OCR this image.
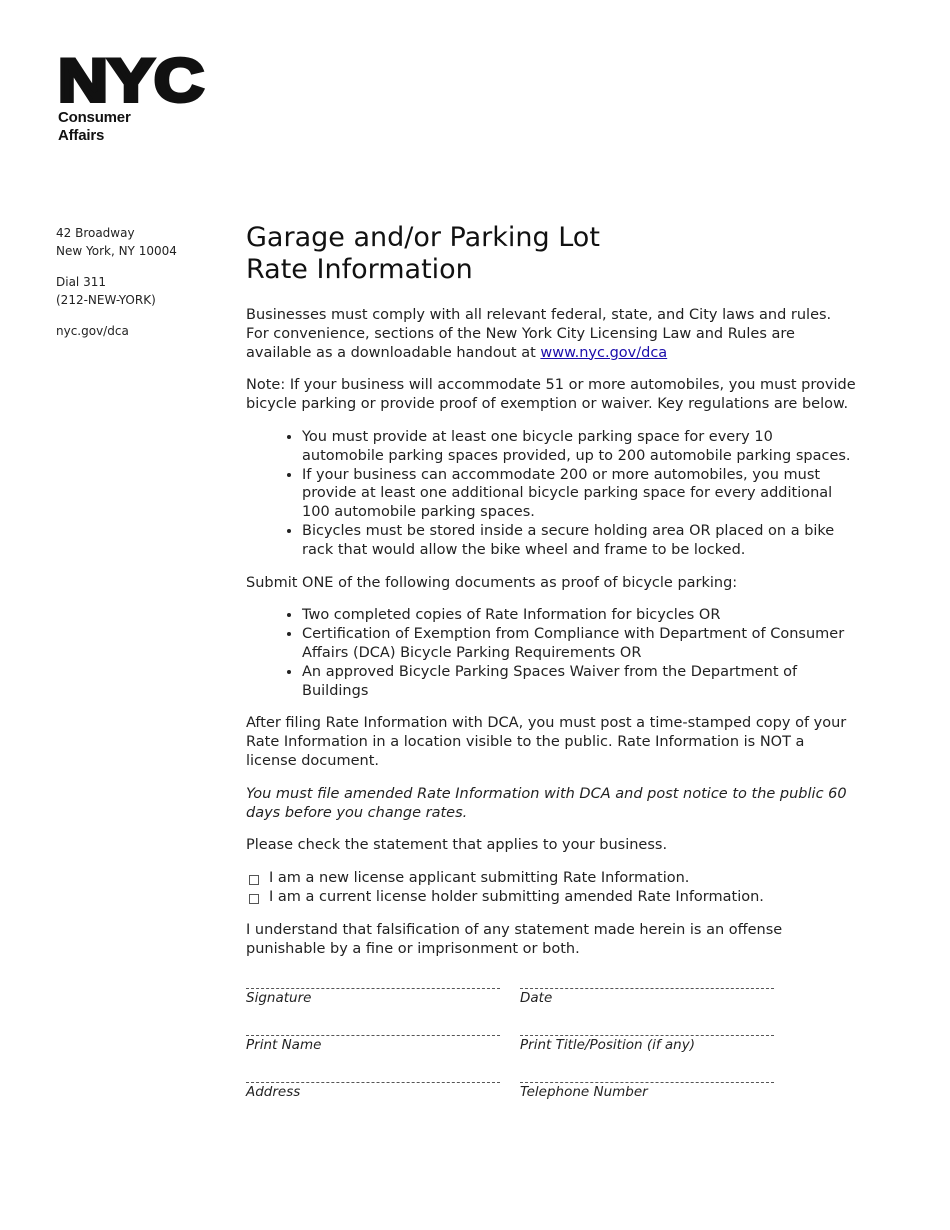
NYC
Consumer
Affairs
42 Broadway
New York, NY 10004
Dial 311
(212-NEW-YORK)
nyc.gov/dca
Garage and/or Parking Lot
Rate Information

Businesses must comply with all relevant federal, state, and City laws and rules. For convenience, sections of the New York City Licensing Law and Rules are available as a downloadable handout at www.nyc.gov/dca

Note: If your business will accommodate 51 or more automobiles, you must provide bicycle parking or provide proof of exemption or waiver. Key regulations are below.

• You must provide at least one bicycle parking space for every 10 automobile parking spaces provided, up to 200 automobile parking spaces.
• If your business can accommodate 200 or more automobiles, you must provide at least one additional bicycle parking space for every additional 100 automobile parking spaces.
• Bicycles must be stored inside a secure holding area OR placed on a bike rack that would allow the bike wheel and frame to be locked.

Submit ONE of the following documents as proof of bicycle parking:

• Two completed copies of Rate Information for bicycles OR
• Certification of Exemption from Compliance with Department of Consumer Affairs (DCA) Bicycle Parking Requirements OR
• An approved Bicycle Parking Spaces Waiver from the Department of Buildings

After filing Rate Information with DCA, you must post a time-stamped copy of your Rate Information in a location visible to the public. Rate Information is NOT a license document.

You must file amended Rate Information with DCA and post notice to the public 60 days before you change rates.

Please check the statement that applies to your business.

I am a new license applicant submitting Rate Information.
I am a current license holder submitting amended Rate Information.

I understand that falsification of any statement made herein is an offense punishable by a fine or imprisonment or both.

Signature	Date
Print Name	Print Title/Position (if any)
Address	Telephone Number
